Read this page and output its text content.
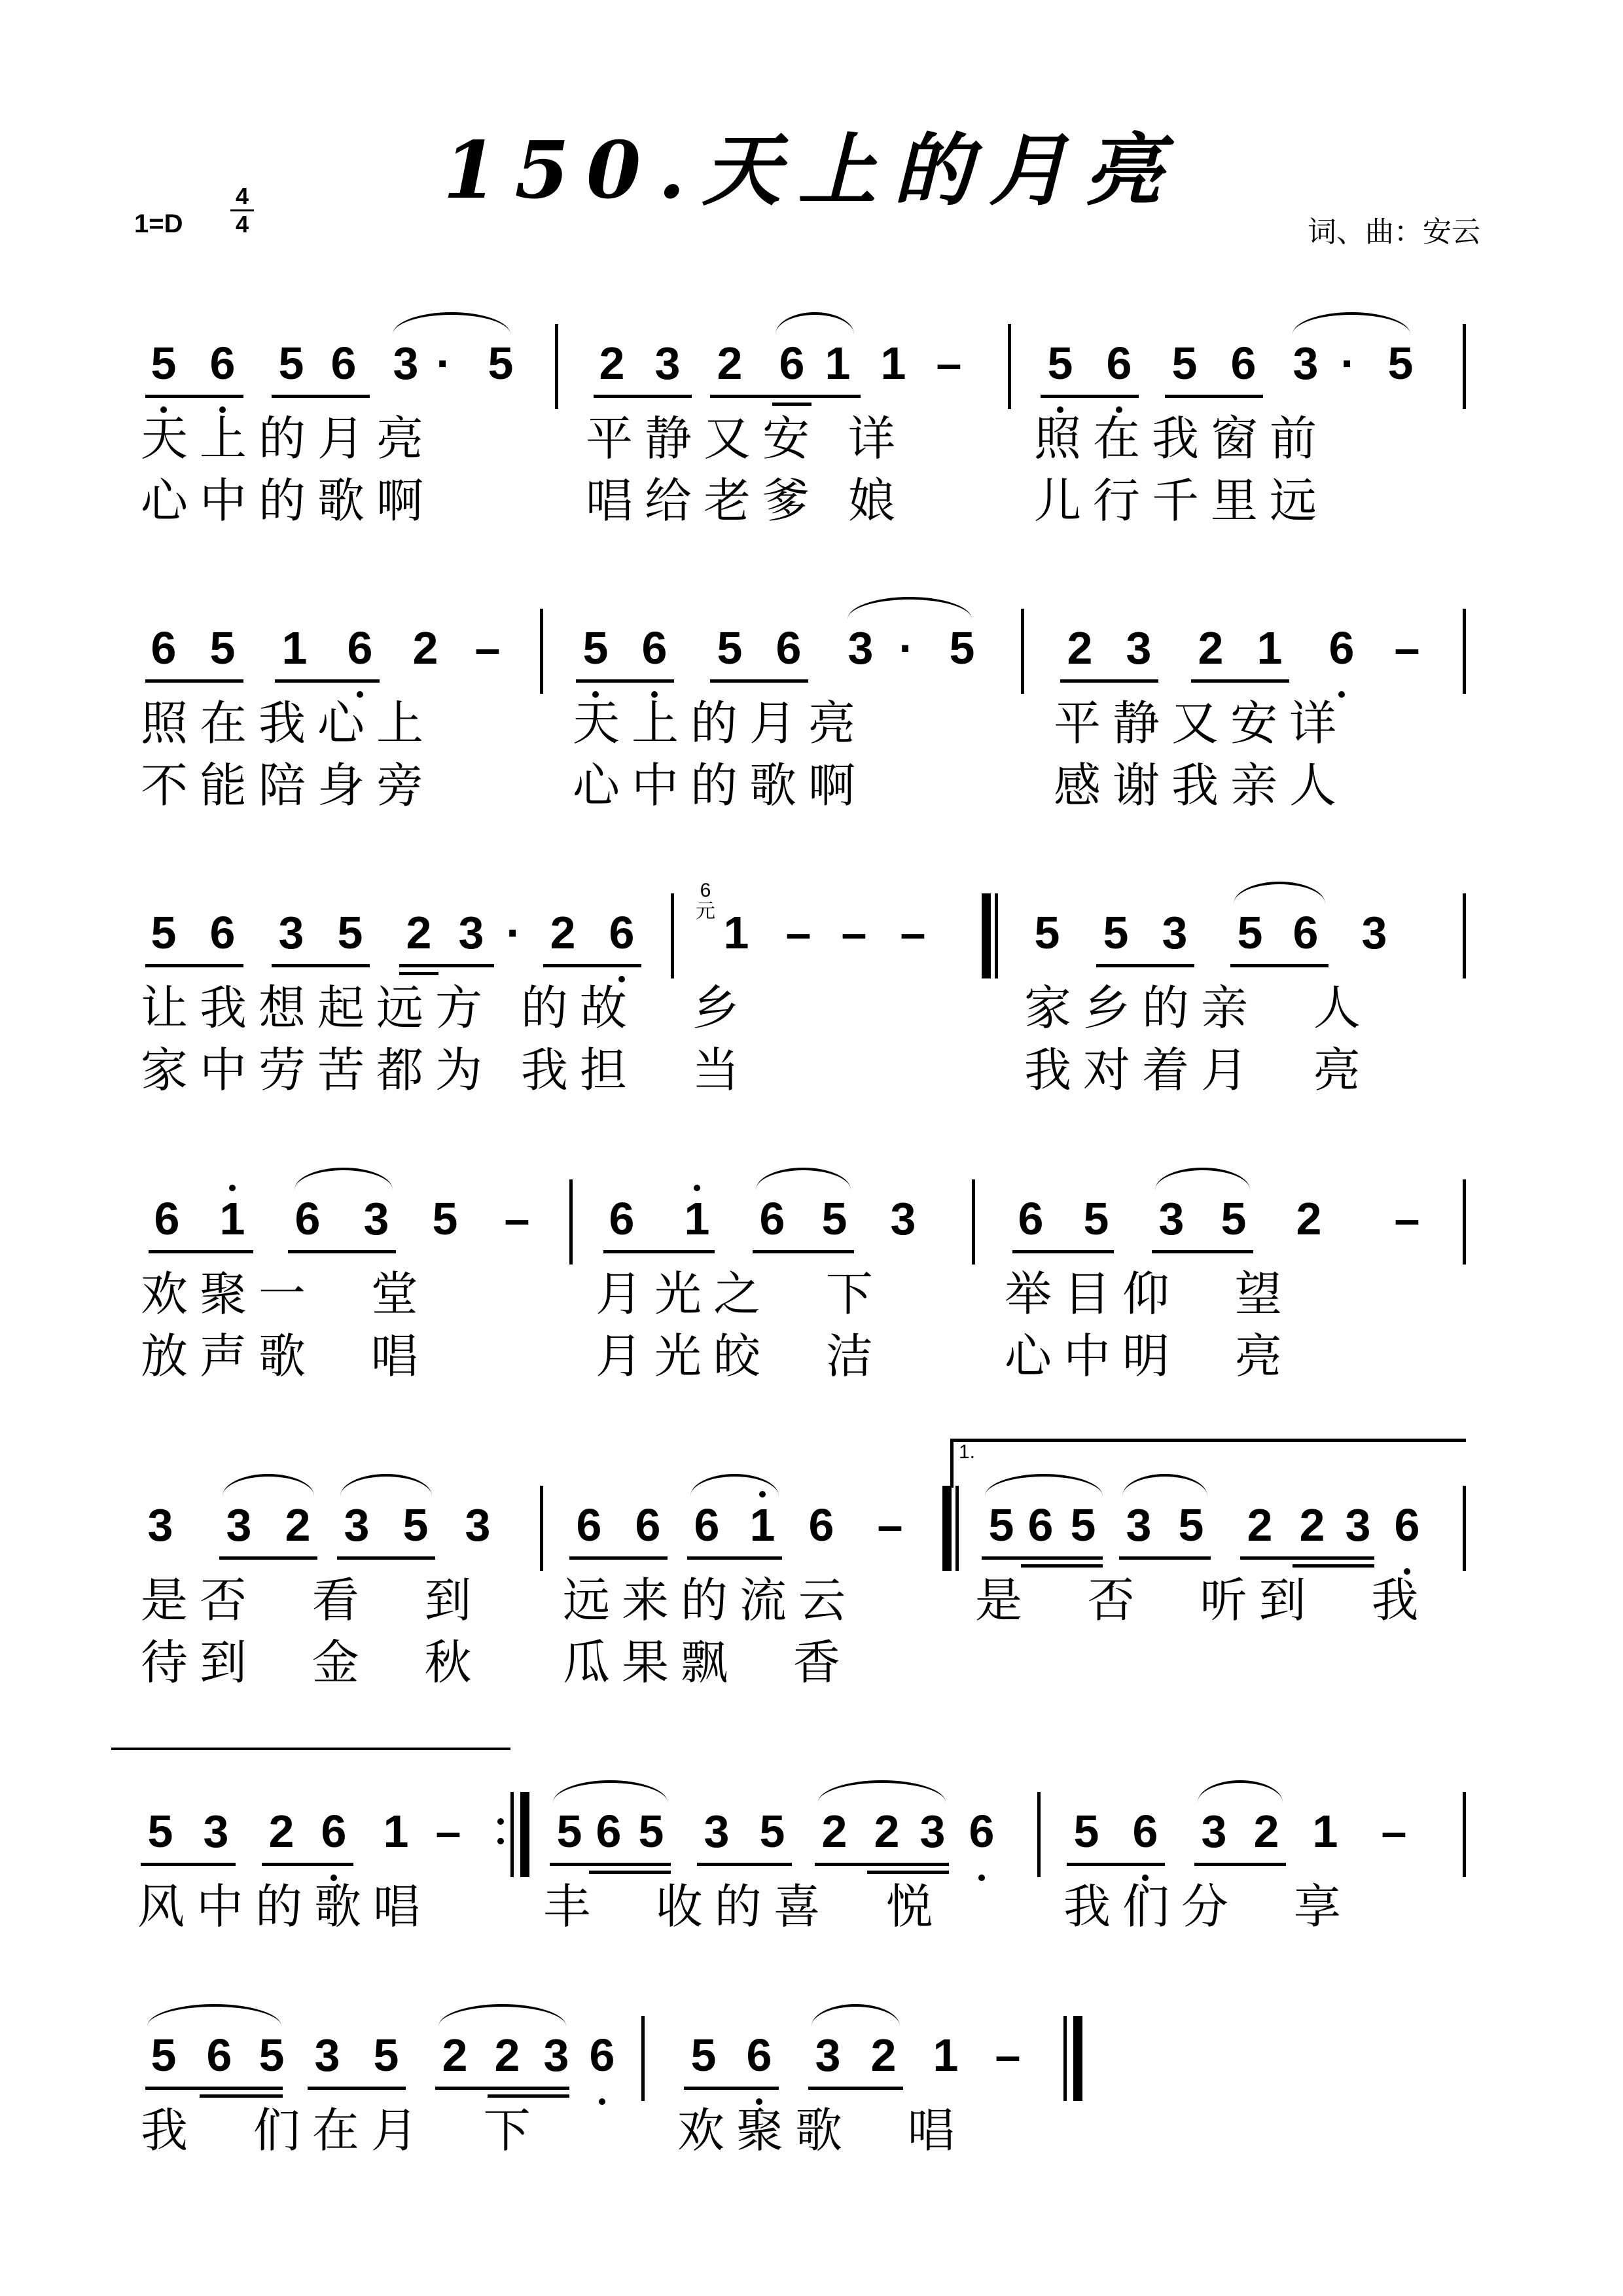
150.天上的月亮
1=D
4
4	词、曲：安云
5 6 5 6 3 · 5 2 3 2 6 1 1 – 5 6 5 6 3 · 5
天上的月亮	平静又安 详	照在我窗前
心中的歌啊	唱给老爹 娘	儿行千里远
6 5 1 6 2 – 5 6 5 6 3 · 5 2 3 2 1 6 –
照在我心上	天上的月亮	平静又安详
不能陪身旁	心中的歌啊	感谢我亲人
5 6 3 5 2 3 · 2 6 1 – – – 5 5 3 5 6 3
6
元
让我想起远方 的故  乡	家乡的亲  人
家中劳苦都为 我担  当	我对着月  亮
6 1 6 3 5 – 6 1 6 5 3 6 5 3 5 2 –
欢聚一  堂	月光之  下	举目仰  望
放声歌  唱	月光皎  洁	心中明  亮
1.
3 3 2 3 5 3 6 6 6 1 6 – 5 6 5 3 5 2 2 3 6
是否  看  到 远来的流云 是  否  听到  我
待到  金  秋 瓜果飘  香
5 3 2 6 1 – 5 6 5 3 5 2 2 3 6 5 6 3 2 1 –
风中的歌唱 丰  收的喜  悦	我们分  享
5 6 5 3 5 2 2 3 6 5 6 3 2 1 –
我  们在月  下	欢聚歌  唱
